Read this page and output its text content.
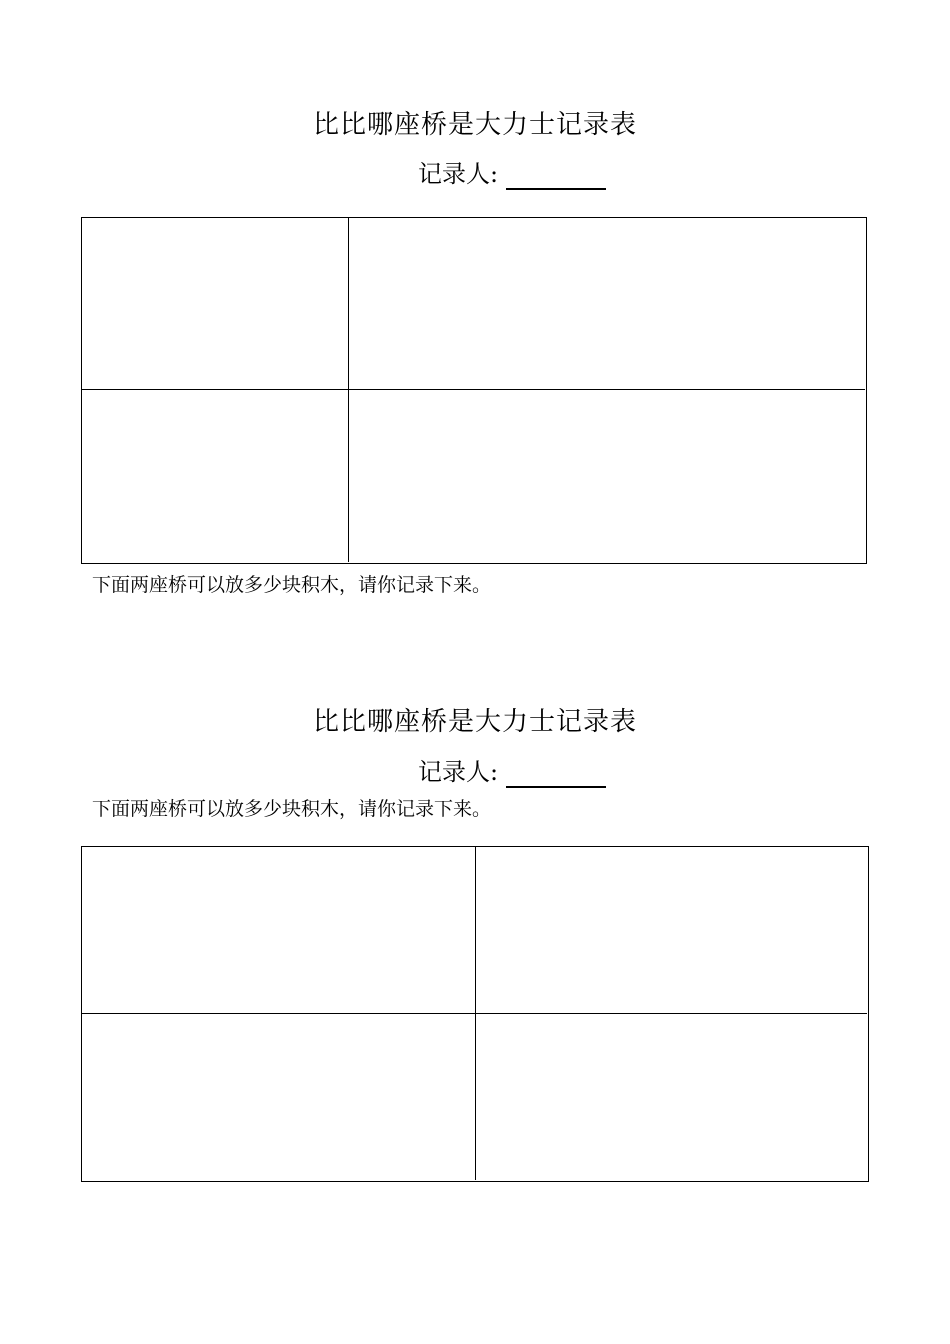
比比哪座桥是大力士记录表
记录人:
下面两座桥可以放多少块积木，请你记录下来。
比比哪座桥是大力士记录表
记录人:
下面两座桥可以放多少块积木，请你记录下来。
